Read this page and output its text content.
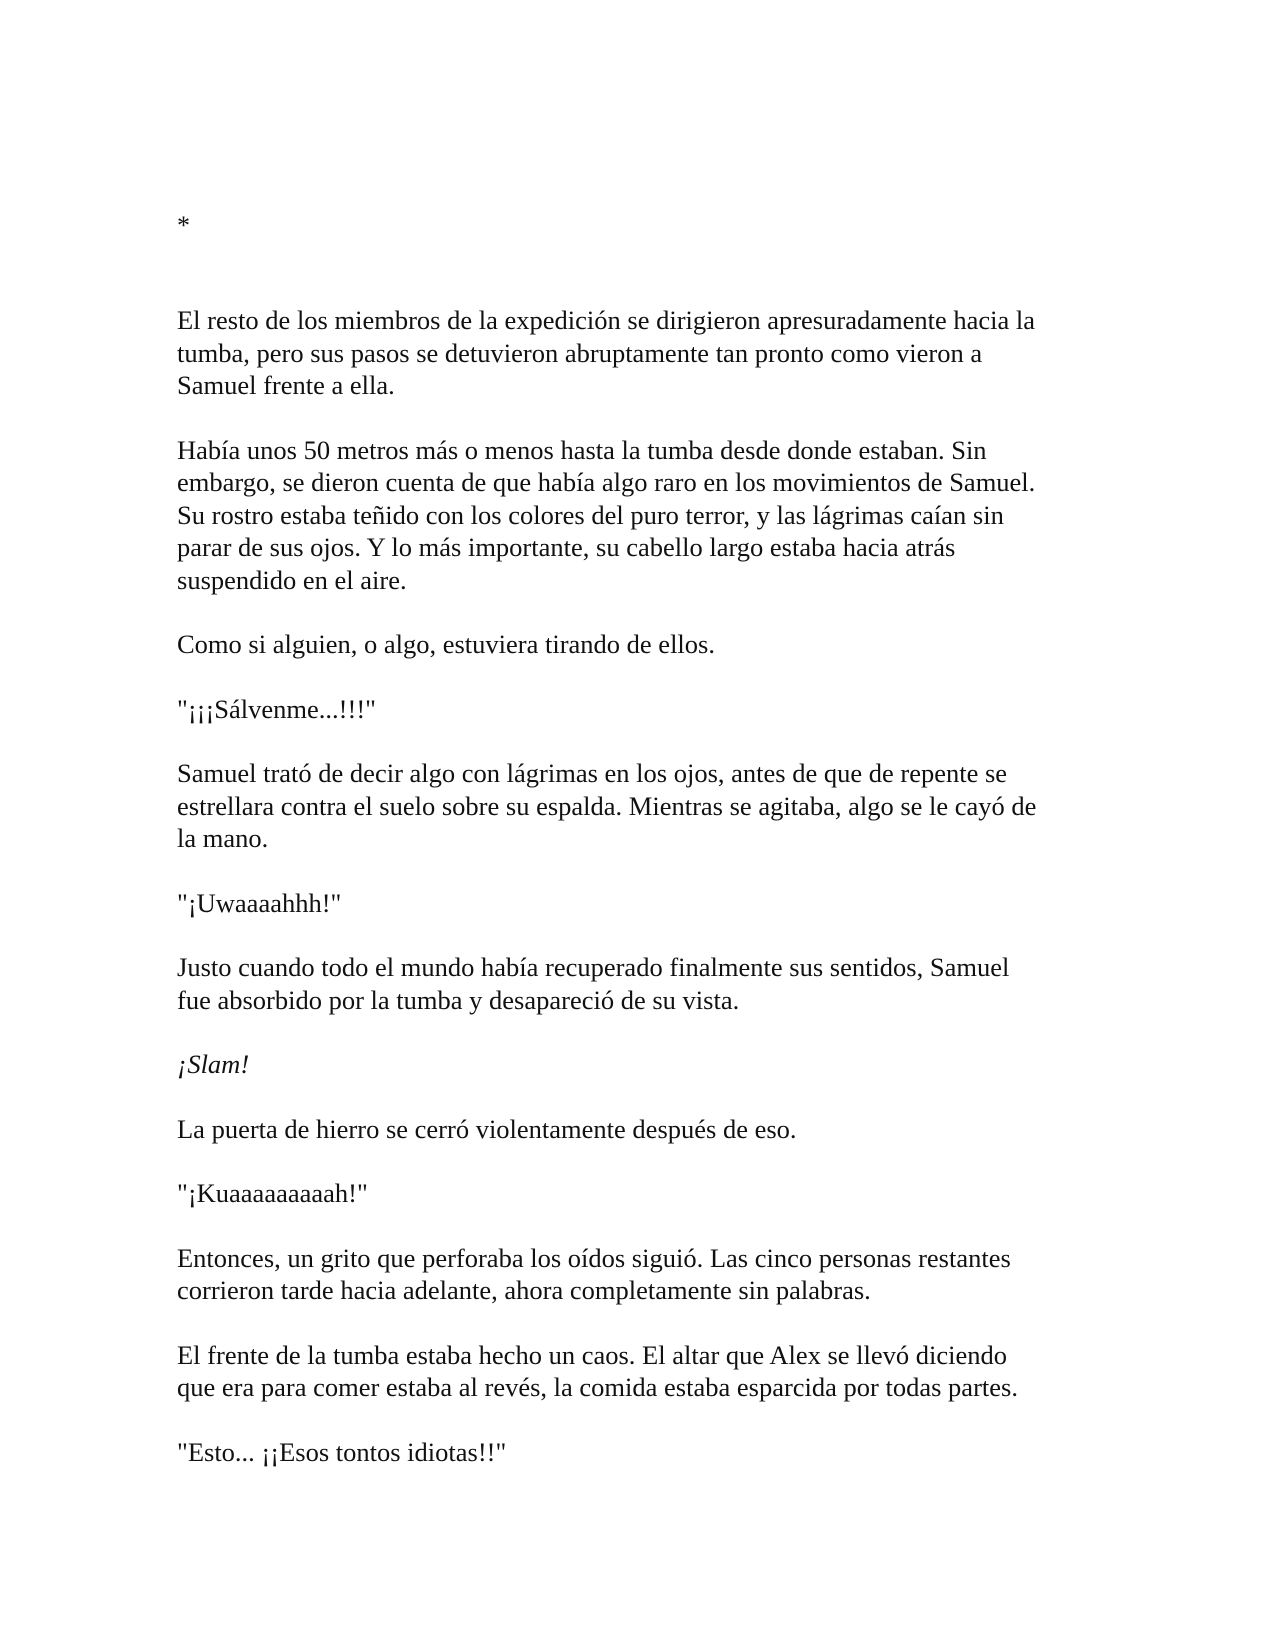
*

El resto de los miembros de la expedición se dirigieron apresuradamente hacia la
tumba, pero sus pasos se detuvieron abruptamente tan pronto como vieron a
Samuel frente a ella.

Había unos 50 metros más o menos hasta la tumba desde donde estaban. Sin
embargo, se dieron cuenta de que había algo raro en los movimientos de Samuel.
Su rostro estaba teñido con los colores del puro terror, y las lágrimas caían sin
parar de sus ojos. Y lo más importante, su cabello largo estaba hacia atrás
suspendido en el aire.

Como si alguien, o algo, estuviera tirando de ellos.

"¡¡¡Sálvenme...!!!"

Samuel trató de decir algo con lágrimas en los ojos, antes de que de repente se
estrellara contra el suelo sobre su espalda. Mientras se agitaba, algo se le cayó de
la mano.

"¡Uwaaaahhh!"

Justo cuando todo el mundo había recuperado finalmente sus sentidos, Samuel
fue absorbido por la tumba y desapareció de su vista.

¡Slam!

La puerta de hierro se cerró violentamente después de eso.

"¡Kuaaaaaaaaah!"

Entonces, un grito que perforaba los oídos siguió. Las cinco personas restantes
corrieron tarde hacia adelante, ahora completamente sin palabras.

El frente de la tumba estaba hecho un caos. El altar que Alex se llevó diciendo
que era para comer estaba al revés, la comida estaba esparcida por todas partes.

"Esto... ¡¡Esos tontos idiotas!!"
